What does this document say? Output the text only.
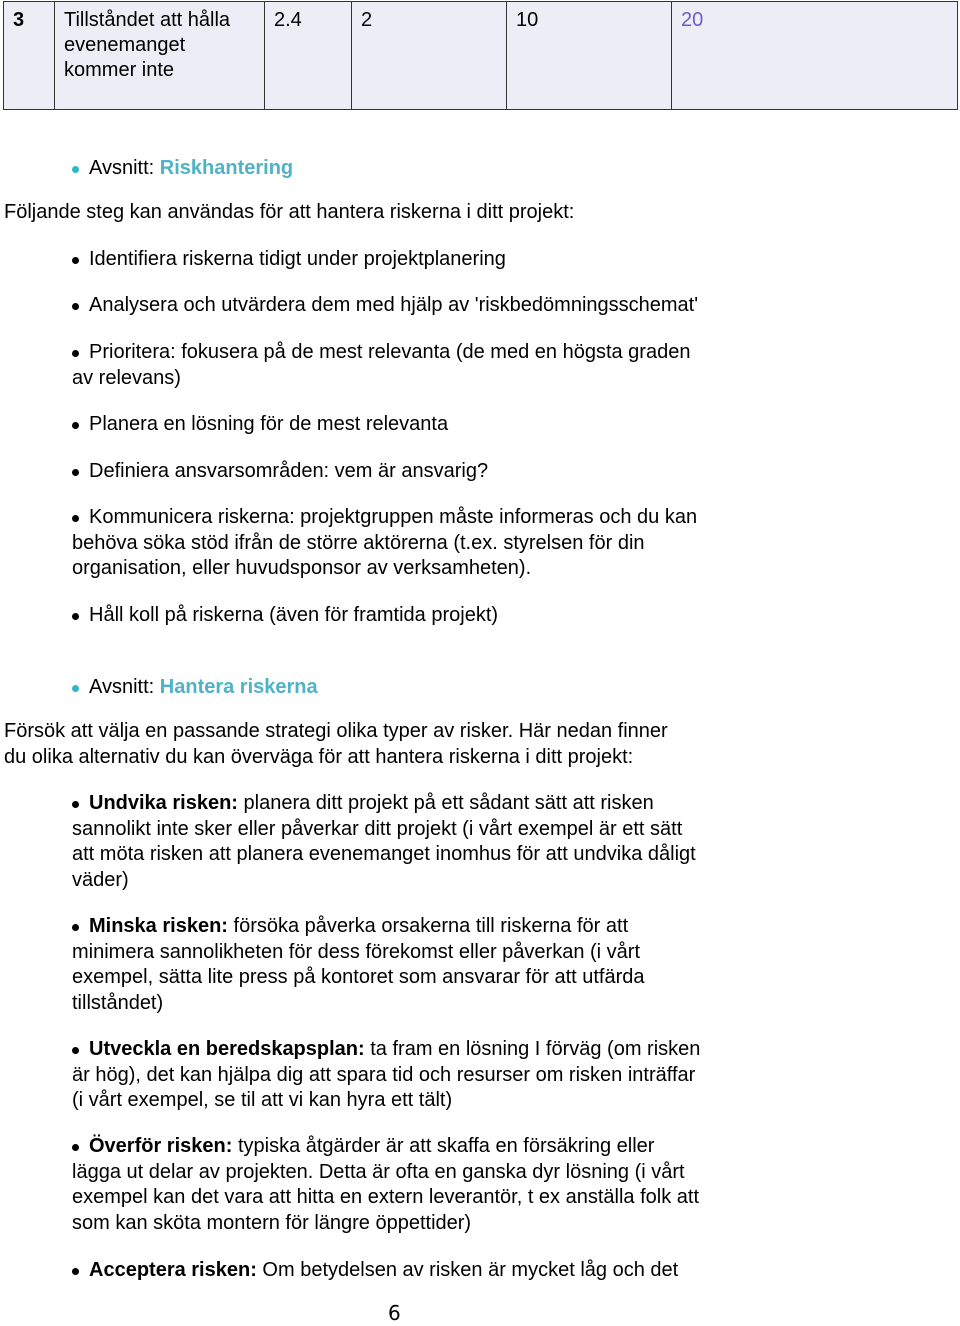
3	Tillståndet att hålla evenemanget kommer inte	2.4	2	10	20
Avsnitt: Riskhantering
Följande steg kan användas för att hantera riskerna i ditt projekt:
Identifiera riskerna tidigt under projektplanering
Analysera och utvärdera dem med hjälp av 'riskbedömningsschemat'
Prioritera: fokusera på de mest relevanta (de med en högsta graden
av relevans)
Planera en lösning för de mest relevanta
Definiera ansvarsområden: vem är ansvarig?
Kommunicera riskerna: projektgruppen måste informeras och du kan
behöva söka stöd ifrån de större aktörerna (t.ex. styrelsen för din
organisation, eller huvudsponsor av verksamheten).
Håll koll på riskerna (även för framtida projekt)
Avsnitt: Hantera riskerna
Försök att välja en passande strategi olika typer av risker. Här nedan finner
du olika alternativ du kan överväga för att hantera riskerna i ditt projekt:
Undvika risken: planera ditt projekt på ett sådant sätt att risken
sannolikt inte sker eller påverkar ditt projekt (i vårt exempel är ett sätt
att möta risken att planera evenemanget inomhus för att undvika dåligt
väder)
Minska risken: försöka påverka orsakerna till riskerna för att
minimera sannolikheten för dess förekomst eller påverkan (i vårt
exempel, sätta lite press på kontoret som ansvarar för att utfärda
tillståndet)
Utveckla en beredskapsplan: ta fram en lösning I förväg (om risken
är hög), det kan hjälpa dig att spara tid och resurser om risken inträffar
(i vårt exempel, se til att vi kan hyra ett tält)
Överför risken: typiska åtgärder är att skaffa en försäkring eller
lägga ut delar av projekten. Detta är ofta en ganska dyr lösning (i vårt
exempel kan det vara att hitta en extern leverantör, t ex anställa folk att
som kan sköta montern för längre öppettider)
Acceptera risken: Om betydelsen av risken är mycket låg och det
6
